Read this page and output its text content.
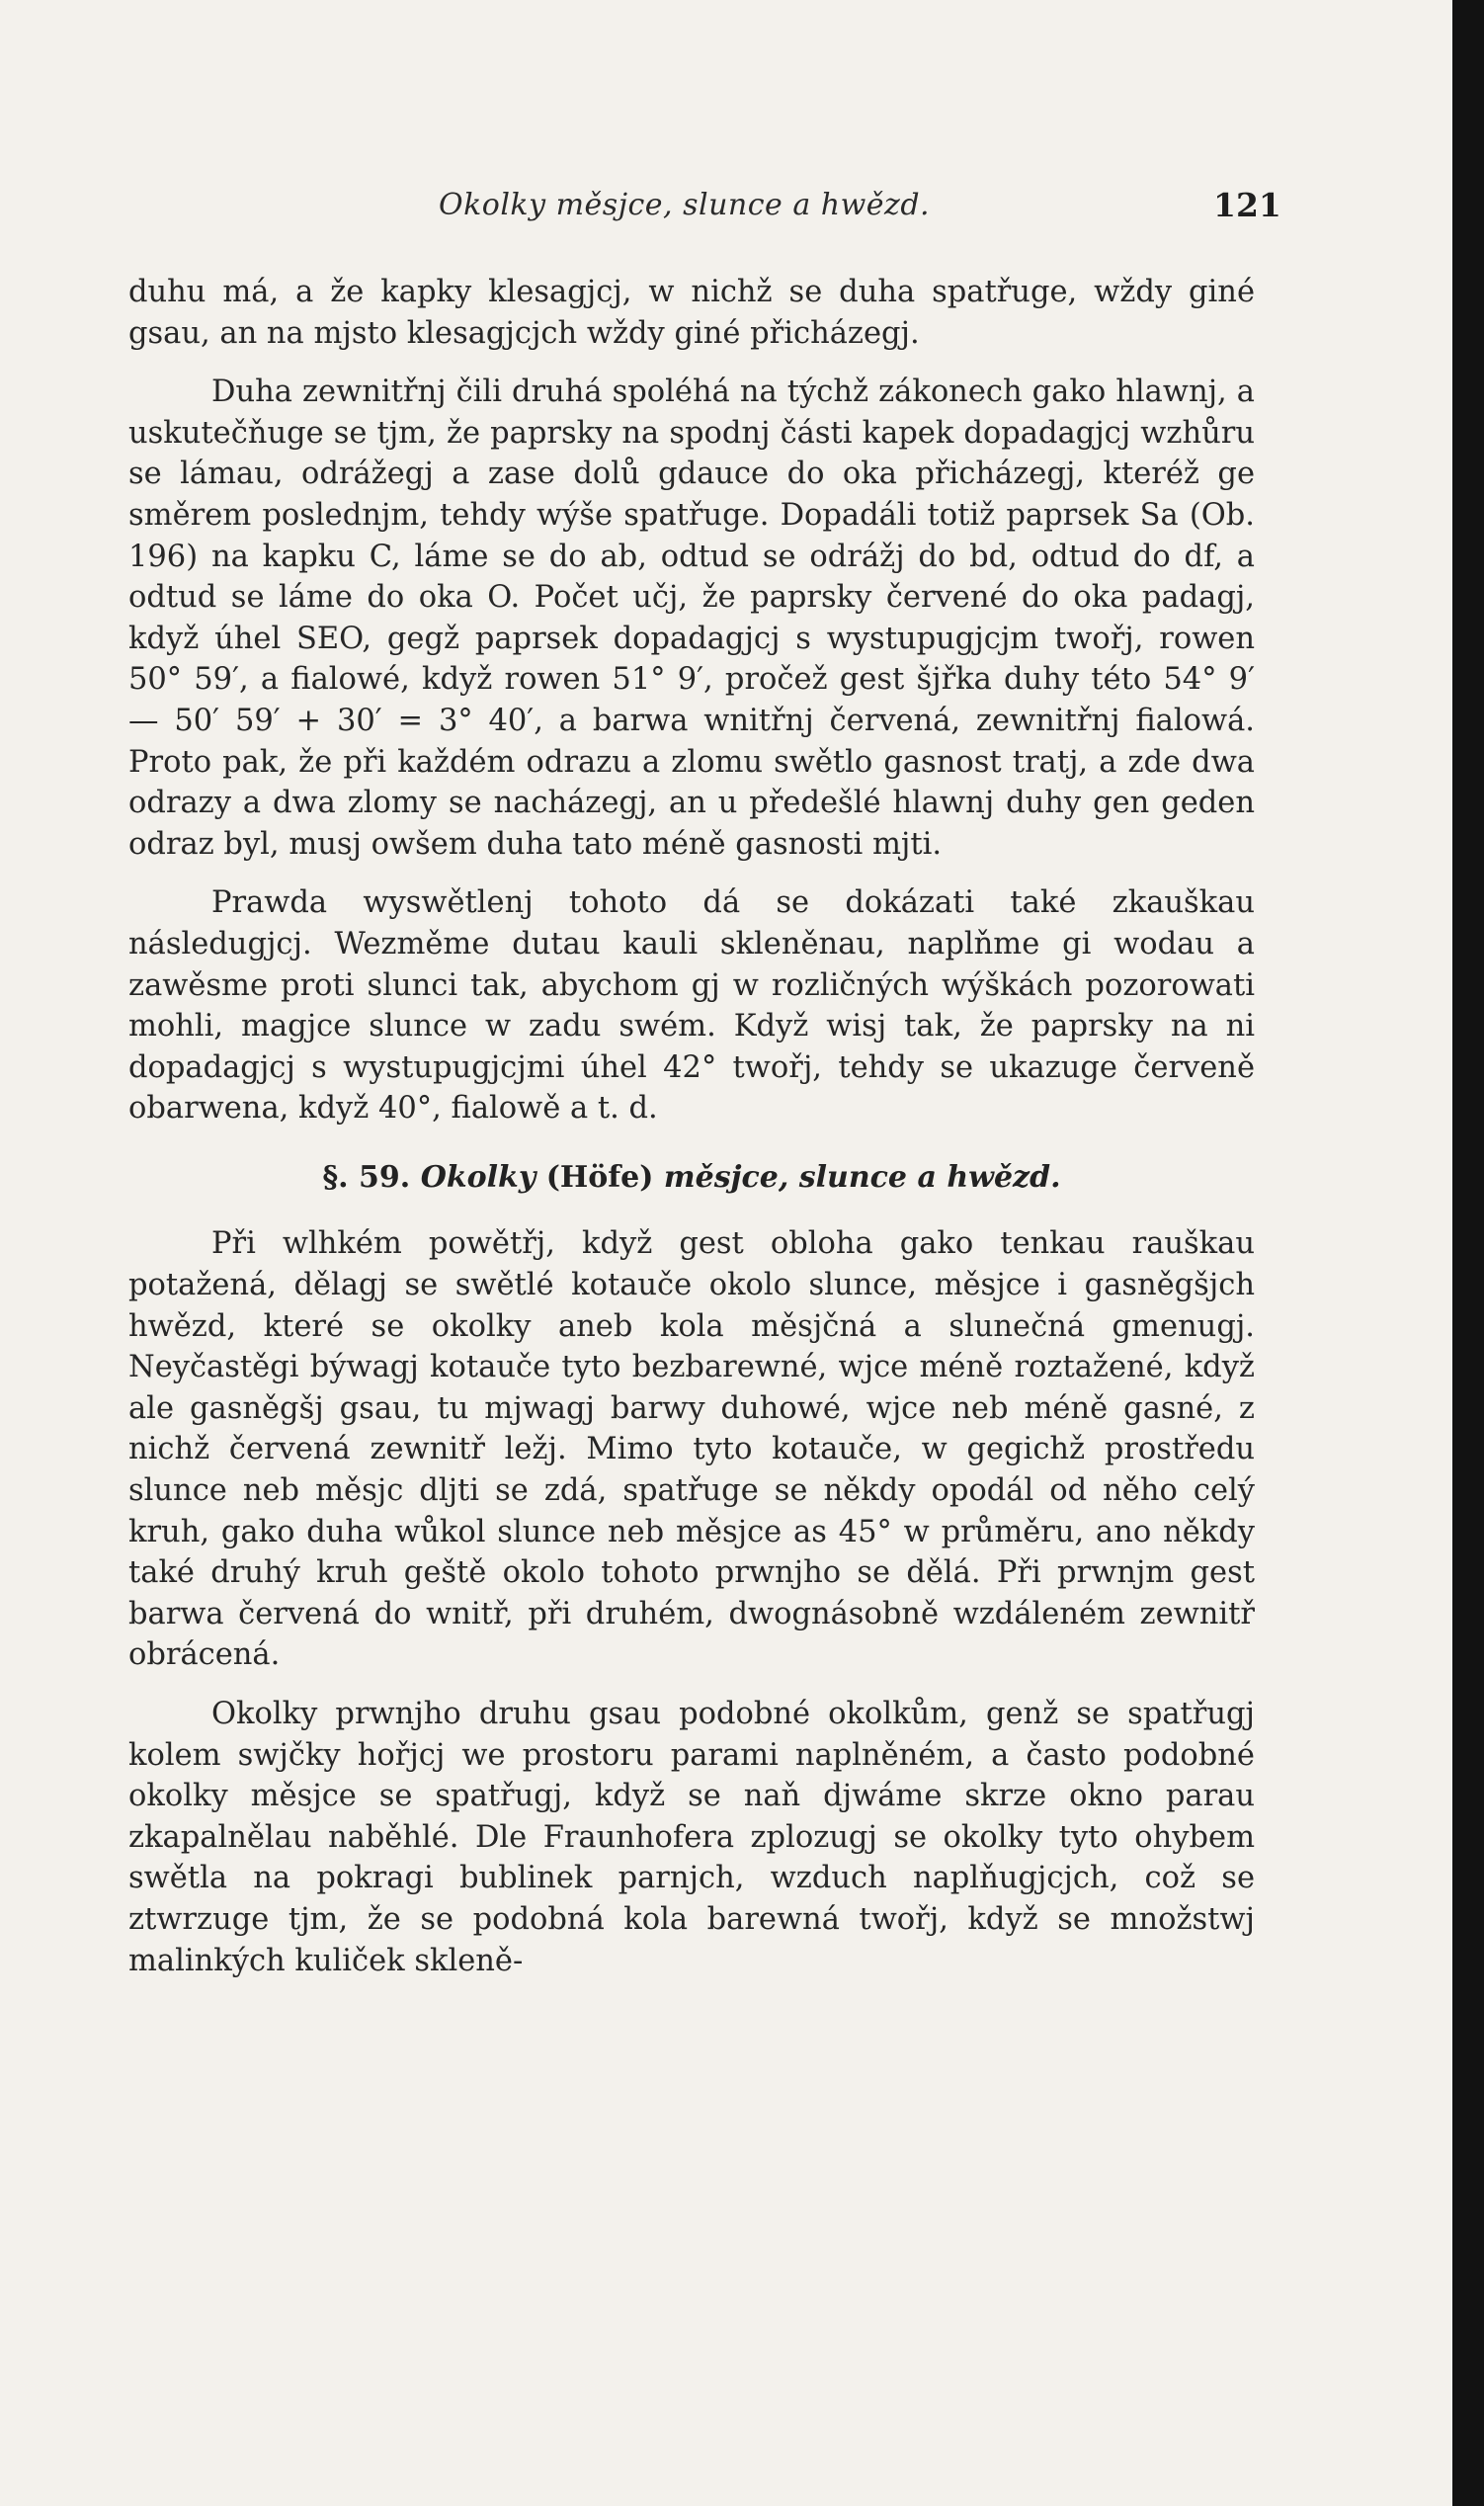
Okolky měsjce, slunce a hwězd.	121

duhu má, a že kapky klesagjcj, w nichž se duha spatřuge, wždy giné gsau, an na mjsto klesagjcjch wždy giné přicházegj.

Duha zewnitřnj čili druhá spoléhá na týchž zákonech gako hlawnj, a uskutečňuge se tjm, že paprsky na spodnj části kapek dopadagjcj wzhůru se lámau, odrážegj a zase dolů gdauce do oka přicházegj, kteréž ge směrem poslednjm, tehdy wýše spatřuge. Dopadáli totiž paprsek Sa (Ob. 196) na kapku C, láme se do ab, odtud se odrážj do bd, odtud do df, a odtud se láme do oka O. Počet učj, že paprsky červené do oka padagj, když úhel SEO, gegž paprsek dopadagjcj s wystupugjcjm twořj, rowen 50° 59′, a fialowé, když rowen 51° 9′, pročež gest šjřka duhy této 54° 9′ — 50′ 59′ + 30′ = 3° 40′, a barwa wnitřnj červená, zewnitřnj fialowá. Proto pak, že při každém odrazu a zlomu swětlo gasnost tratj, a zde dwa odrazy a dwa zlomy se nacházegj, an u předešlé hlawnj duhy gen geden odraz byl, musj owšem duha tato méně gasnosti mjti.

Prawda wyswětlenj tohoto dá se dokázati také zkauškau následugjcj. Wezměme dutau kauli skleněnau, naplňme gi wodau a zawěsme proti slunci tak, abychom gj w rozličných wýškách pozorowati mohli, magjce slunce w zadu swém. Když wisj tak, že paprsky na ni dopadagjcj s wystupugjcjmi úhel 42° twořj, tehdy se ukazuge červeně obarwena, když 40°, fialowě a t. d.

§. 59. Okolky (Höfe) měsjce, slunce a hwězd.

Při wlhkém powětřj, když gest obloha gako tenkau rauškau potažená, dělagj se swětlé kotauče okolo slunce, měsjce i gasněgšjch hwězd, které se okolky aneb kola měsjčná a slunečná gmenugj. Neyčastěgi býwagj kotauče tyto bezbarewné, wjce méně roztažené, když ale gasněgšj gsau, tu mjwagj barwy duhowé, wjce neb méně gasné, z nichž červená zewnitř ležj. Mimo tyto kotauče, w gegichž prostředu slunce neb měsjc dljti se zdá, spatřuge se někdy opodál od něho celý kruh, gako duha wůkol slunce neb měsjce as 45° w průměru, ano někdy také druhý kruh geště okolo tohoto prwnjho se dělá. Při prwnjm gest barwa červená do wnitř, při druhém, dwognásobně wzdáleném zewnitř obrácená.

Okolky prwnjho druhu gsau podobné okolkům, genž se spatřugj kolem swjčky hořjcj we prostoru parami naplněném, a často podobné okolky měsjce se spatřugj, když se naň djwáme skrze okno parau zkapalnělau naběhlé. Dle Fraunhofera zplozugj se okolky tyto ohybem swětla na pokragi bublinek parnjch, wzduch naplňugjcjch, což se ztwrzuge tjm, že se podobná kola barewná twořj, když se množstwj malinkých kuliček skleně-
